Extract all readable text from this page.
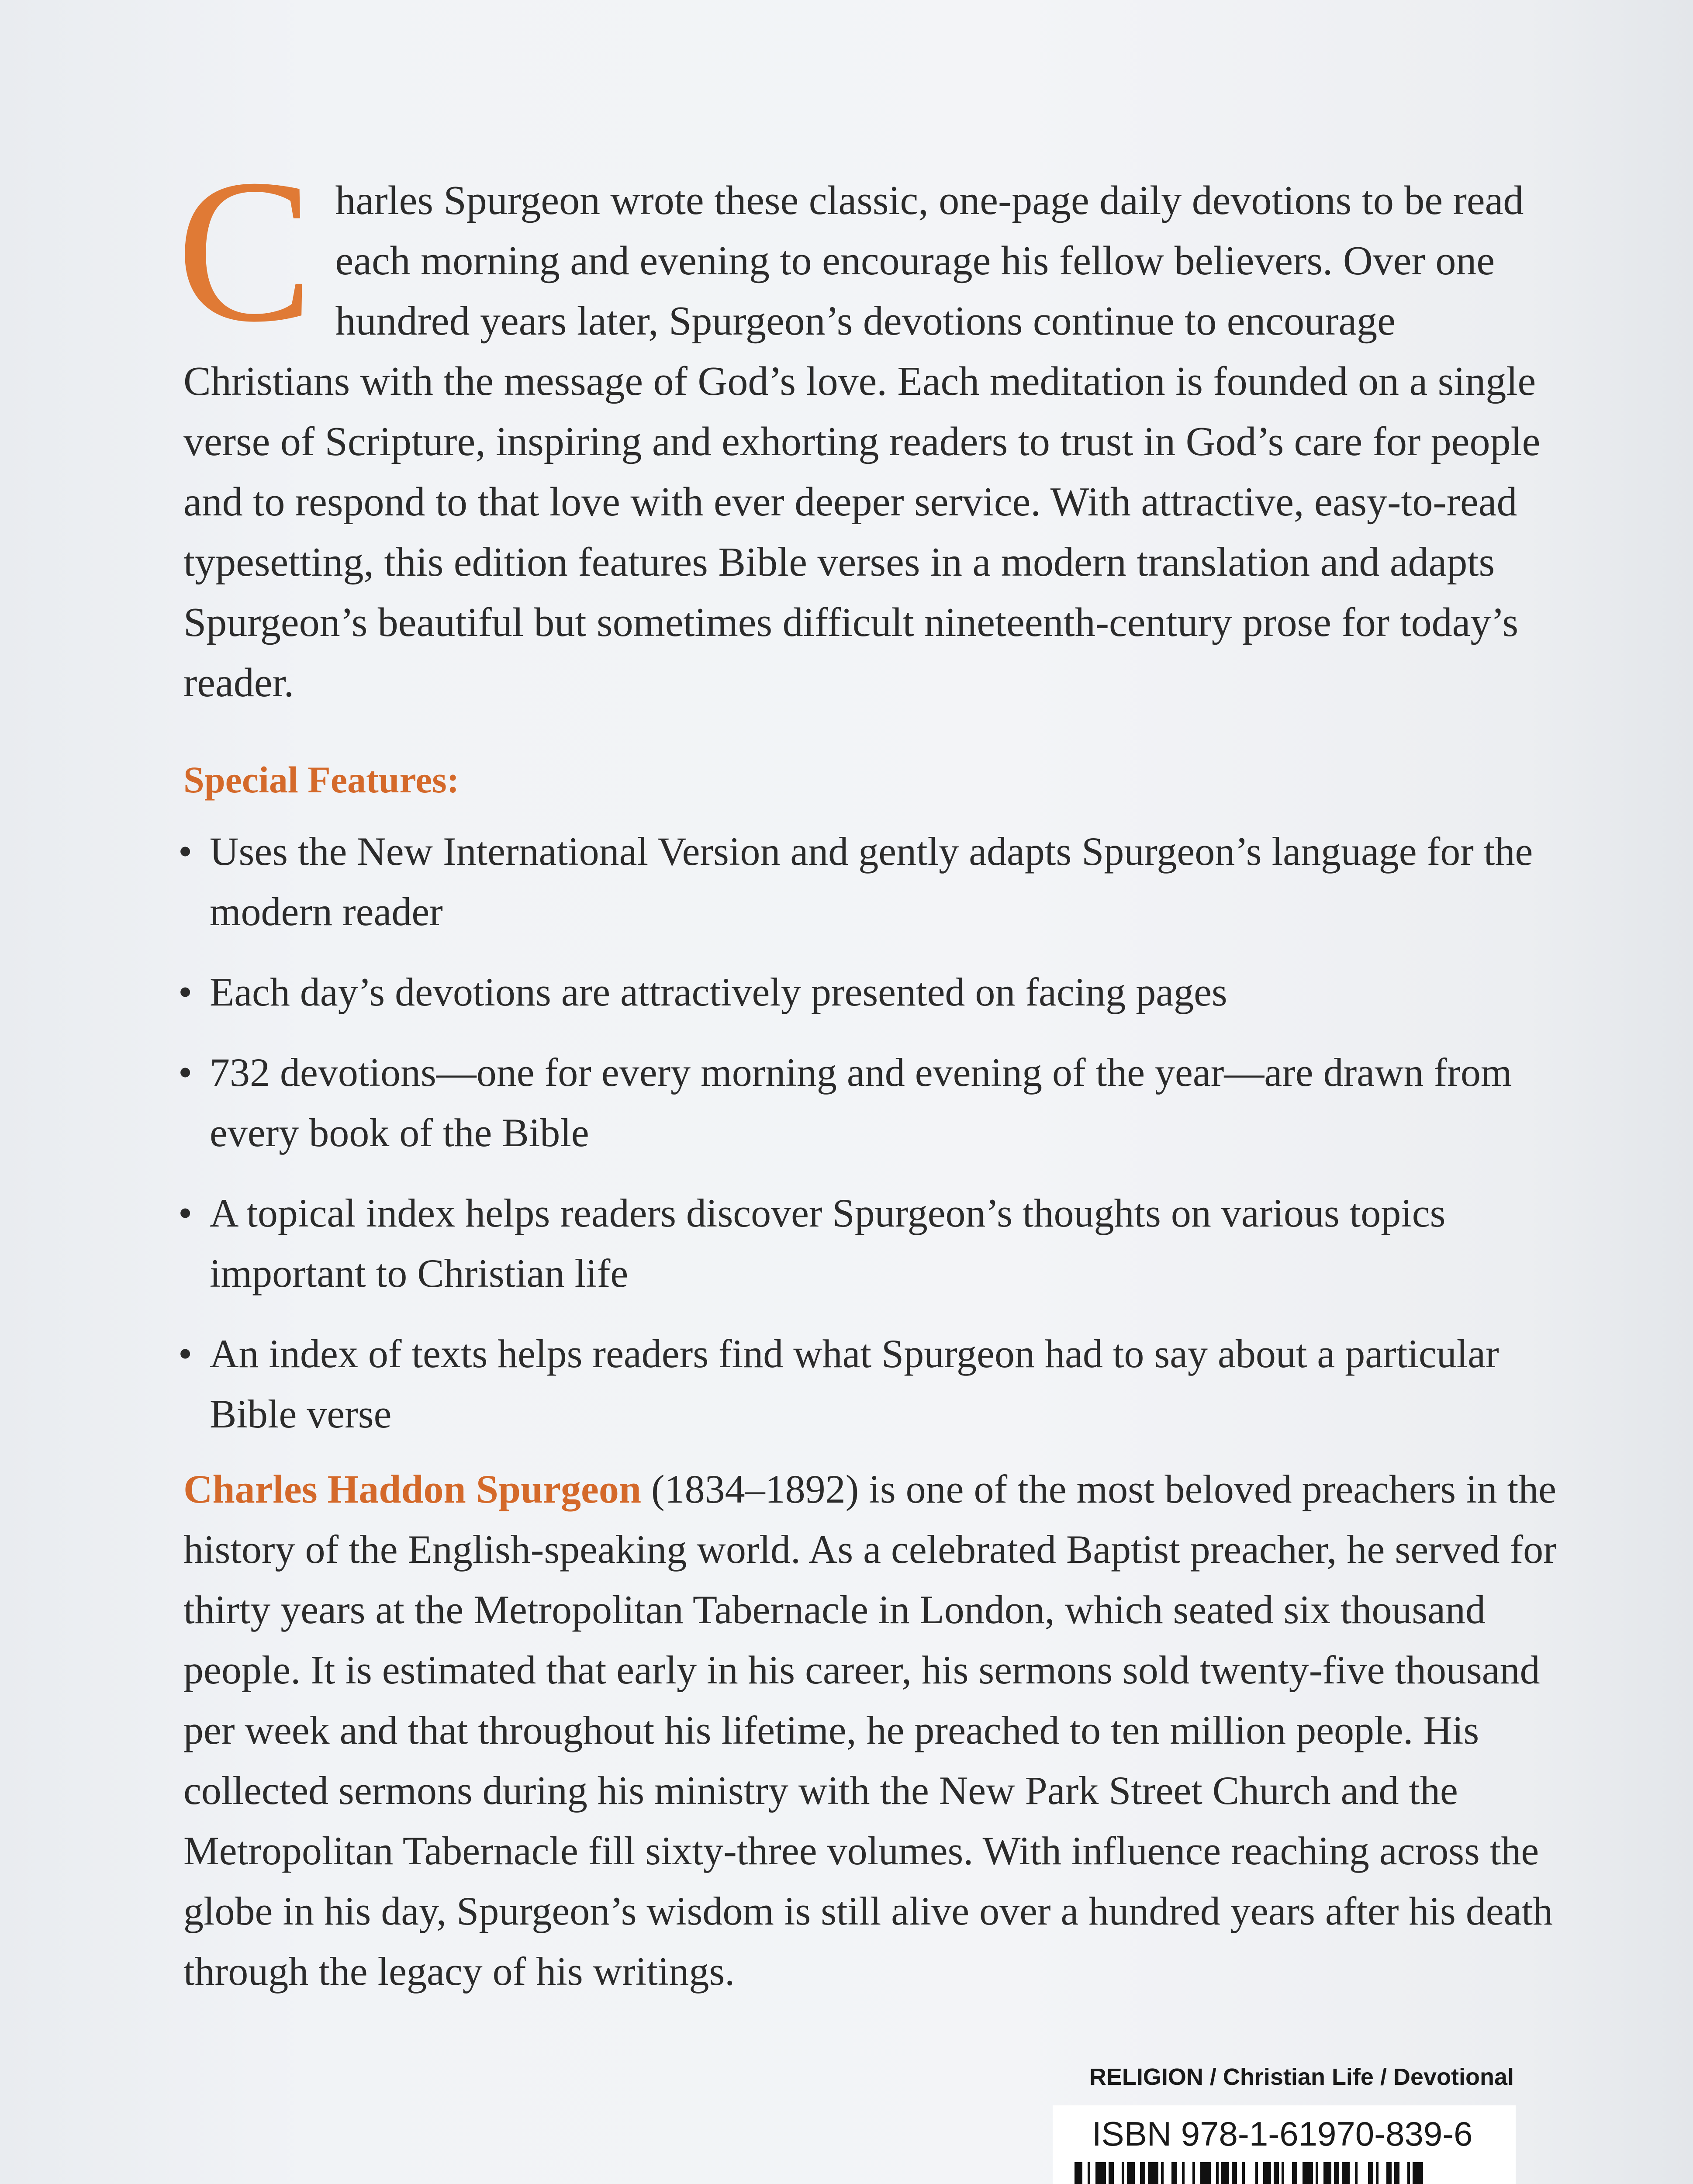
Charles Spurgeon wrote these classic, one-page daily devotions to be read each morning and evening to encourage his fellow believers. Over one hundred years later, Spurgeon’s devotions continue to encourage Christians with the message of God’s love. Each meditation is founded on a single verse of Scripture, inspiring and exhorting readers to trust in God’s care for people and to respond to that love with ever deeper service. With attractive, easy-to-read typesetting, this edition features Bible verses in a modern translation and adapts Spurgeon’s beautiful but sometimes difficult nineteenth-century prose for today’s reader.

Special Features:
• Uses the New International Version and gently adapts Spurgeon’s language for the modern reader
• Each day’s devotions are attractively presented on facing pages
• 732 devotions—one for every morning and evening of the year—are drawn from every book of the Bible
• A topical index helps readers discover Spurgeon’s thoughts on various topics important to Christian life
• An index of texts helps readers find what Spurgeon had to say about a particular Bible verse

Charles Haddon Spurgeon (1834–1892) is one of the most beloved preachers in the history of the English-speaking world. As a celebrated Baptist preacher, he served for thirty years at the Metropolitan Tabernacle in London, which seated six thousand people. It is estimated that early in his career, his sermons sold twenty-five thousand per week and that throughout his lifetime, he preached to ten million people. His collected sermons during his ministry with the New Park Street Church and the Metropolitan Tabernacle fill sixty-three volumes. With influence reaching across the globe in his day, Spurgeon’s wisdom is still alive over a hundred years after his death through the legacy of his writings.

RELIGION / Christian Life / Devotional

ISBN 978-1-61970-839-6
